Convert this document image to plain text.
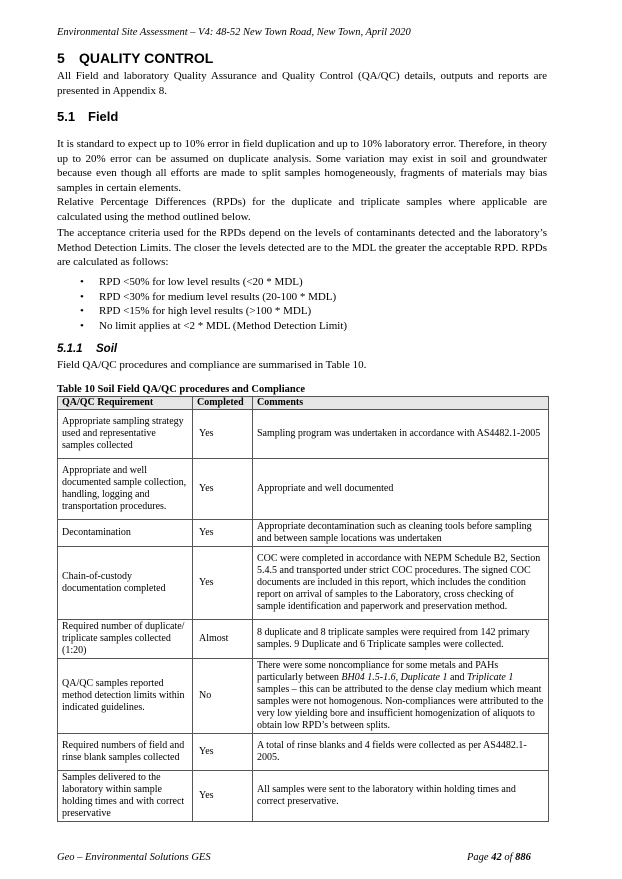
Environmental Site Assessment – V4: 48-52 New Town Road, New Town, April 2020
5 QUALITY CONTROL
All Field and laboratory Quality Assurance and Quality Control (QA/QC) details, outputs and reports are presented in Appendix 8.
5.1 Field
It is standard to expect up to 10% error in field duplication and up to 10% laboratory error. Therefore, in theory up to 20% error can be assumed on duplicate analysis. Some variation may exist in soil and groundwater because even though all efforts are made to split samples homogeneously, fragments of materials may bias samples in certain elements.
Relative Percentage Differences (RPDs) for the duplicate and triplicate samples where applicable are calculated using the method outlined below.
The acceptance criteria used for the RPDs depend on the levels of contaminants detected and the laboratory’s Method Detection Limits. The closer the levels detected are to the MDL the greater the acceptable RPD. RPDs are calculated as follows:
• RPD <50% for low level results (<20 * MDL)
• RPD <30% for medium level results (20-100 * MDL)
• RPD <15% for high level results (>100 * MDL)
• No limit applies at <2 * MDL (Method Detection Limit)
5.1.1 Soil
Field QA/QC procedures and compliance are summarised in Table 10.
Table 10 Soil Field QA/QC procedures and Compliance
QA/QC Requirement	Completed	Comments
Appropriate sampling strategy used and representative samples collected	Yes	Sampling program was undertaken in accordance with AS4482.1-2005
Appropriate and well documented sample collection, handling, logging and transportation procedures.	Yes	Appropriate and well documented
Decontamination	Yes	Appropriate decontamination such as cleaning tools before sampling and between sample locations was undertaken
Chain-of-custody documentation completed	Yes	COC were completed in accordance with NEPM Schedule B2, Section 5.4.5 and transported under strict COC procedures. The signed COC documents are included in this report, which includes the condition report on arrival of samples to the Laboratory, cross checking of sample identification and paperwork and preservation method.
Required number of duplicate/ triplicate samples collected (1:20)	Almost	8 duplicate and 8 triplicate samples were required from 142 primary samples. 9 Duplicate and 6 Triplicate samples were collected.
QA/QC samples reported method detection limits within indicated guidelines.	No	There were some noncompliance for some metals and PAHs particularly between BH04 1.5-1.6, Duplicate 1 and Triplicate 1 samples – this can be attributed to the dense clay medium which meant samples were not homogenous. Non-compliances were attributed to the very low yielding bore and insufficient homogenization of aliquots to obtain low RPD’s between splits.
Required numbers of field and rinse blank samples collected	Yes	A total of rinse blanks and 4 fields were collected as per AS4482.1-2005.
Samples delivered to the laboratory within sample holding times and with correct preservative	Yes	All samples were sent to the laboratory within holding times and correct preservative.
Geo – Environmental Solutions GES	Page 42 of 886
